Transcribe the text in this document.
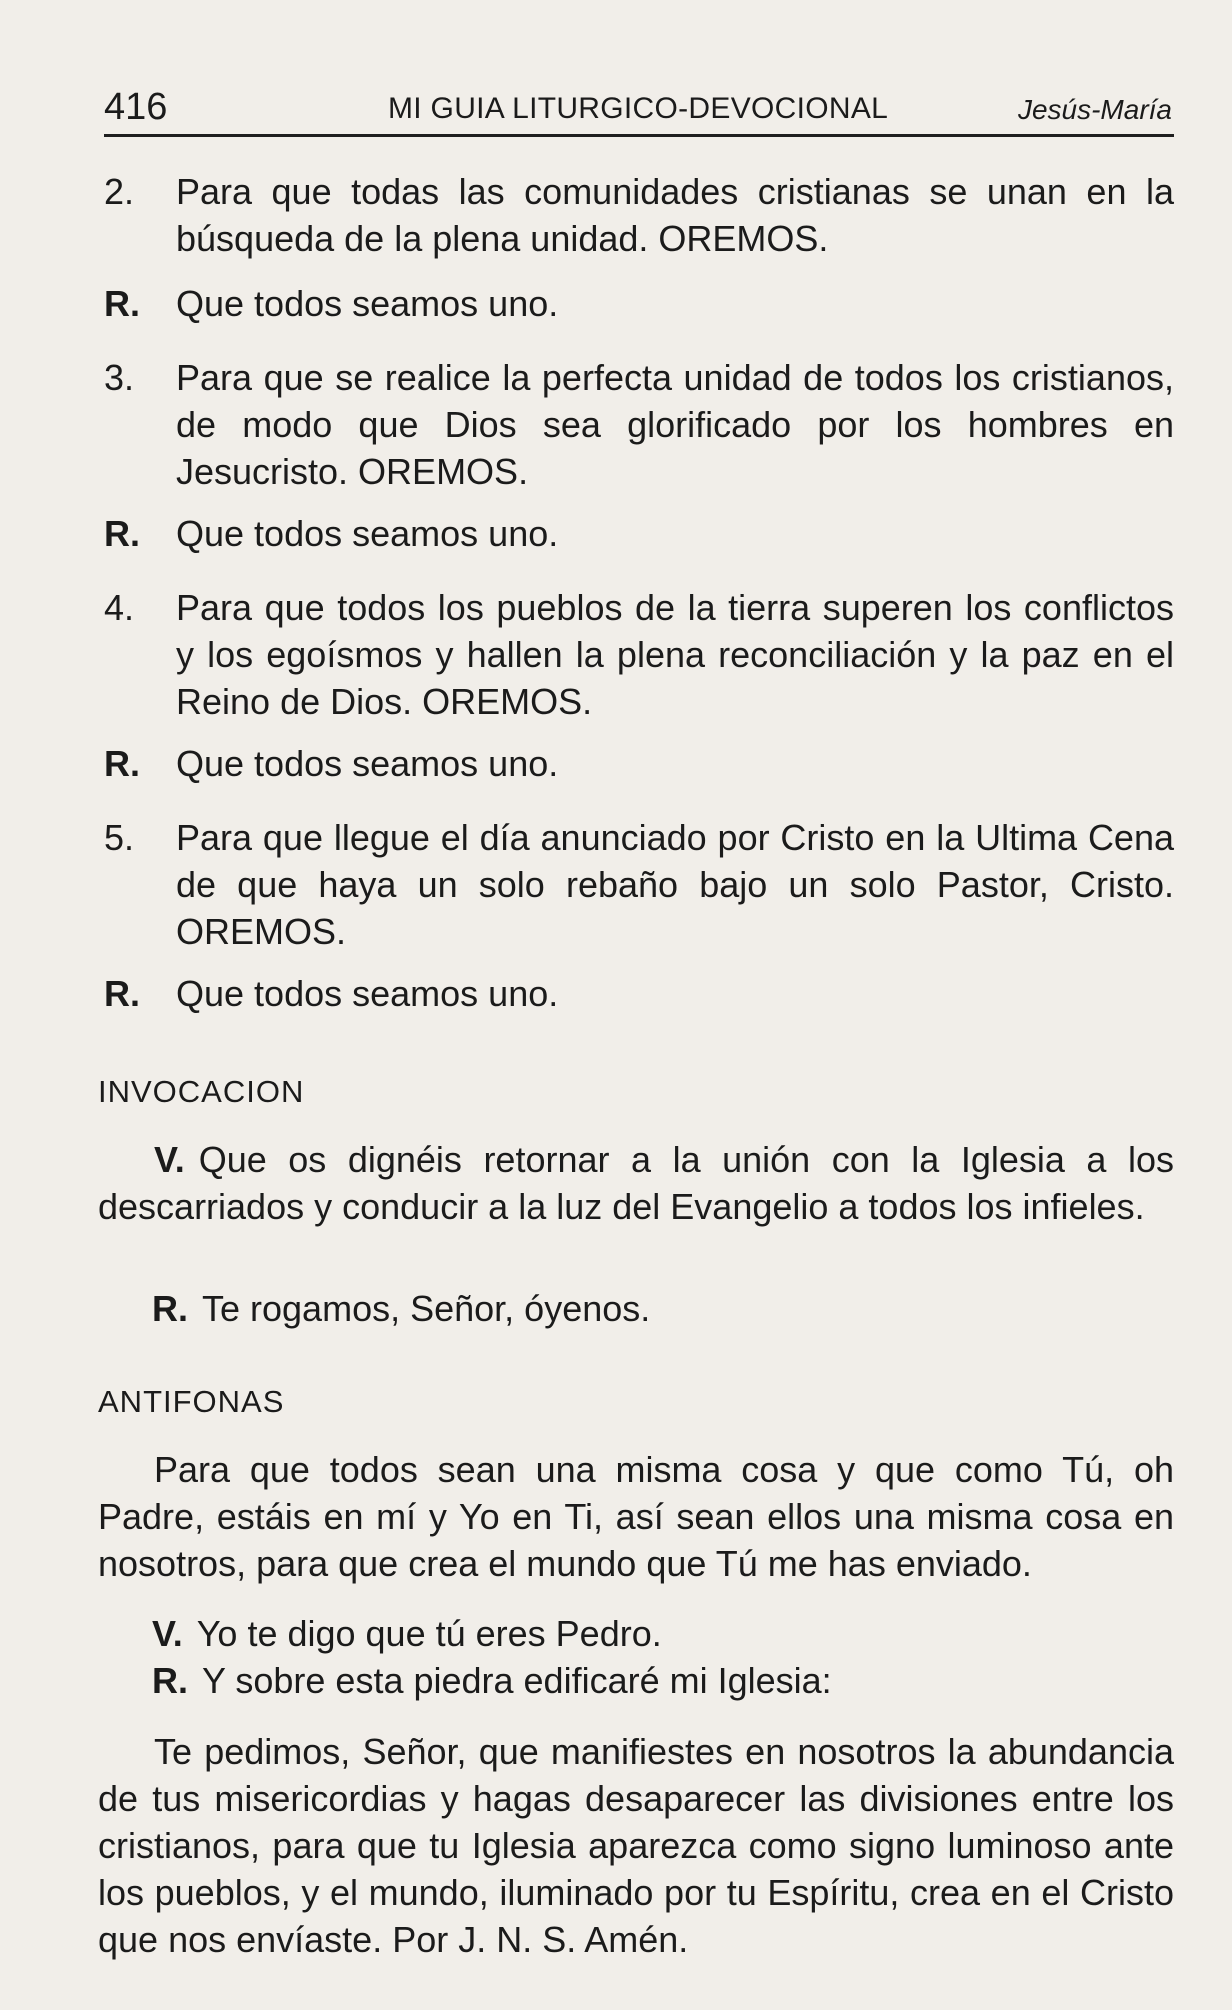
416	MI GUIA LITURGICO-DEVOCIONAL	Jesús-María
2. Para que todas las comunidades cristianas se unan en la búsqueda de la plena unidad. OREMOS.
R. Que todos seamos uno.
3. Para que se realice la perfecta unidad de todos los cristianos, de modo que Dios sea glorificado por los hombres en Jesucristo. OREMOS.
R. Que todos seamos uno.
4. Para que todos los pueblos de la tierra superen los conflictos y los egoísmos y hallen la plena reconciliación y la paz en el Reino de Dios. OREMOS.
R. Que todos seamos uno.
5. Para que llegue el día anunciado por Cristo en la Ultima Cena de que haya un solo rebaño bajo un solo Pastor, Cristo. OREMOS.
R. Que todos seamos uno.
INVOCACION
V. Que os dignéis retornar a la unión con la Iglesia a los descarriados y conducir a la luz del Evangelio a todos los infieles.
R. Te rogamos, Señor, óyenos.
ANTIFONAS
Para que todos sean una misma cosa y que como Tú, oh Padre, estáis en mí y Yo en Ti, así sean ellos una misma cosa en nosotros, para que crea el mundo que Tú me has enviado.
V. Yo te digo que tú eres Pedro.
R. Y sobre esta piedra edificaré mi Iglesia:
Te pedimos, Señor, que manifiestes en nosotros la abundancia de tus misericordias y hagas desaparecer las divisiones entre los cristianos, para que tu Iglesia aparezca como signo luminoso ante los pueblos, y el mundo, iluminado por tu Espíritu, crea en el Cristo que nos envíaste. Por J. N. S. Amén.
